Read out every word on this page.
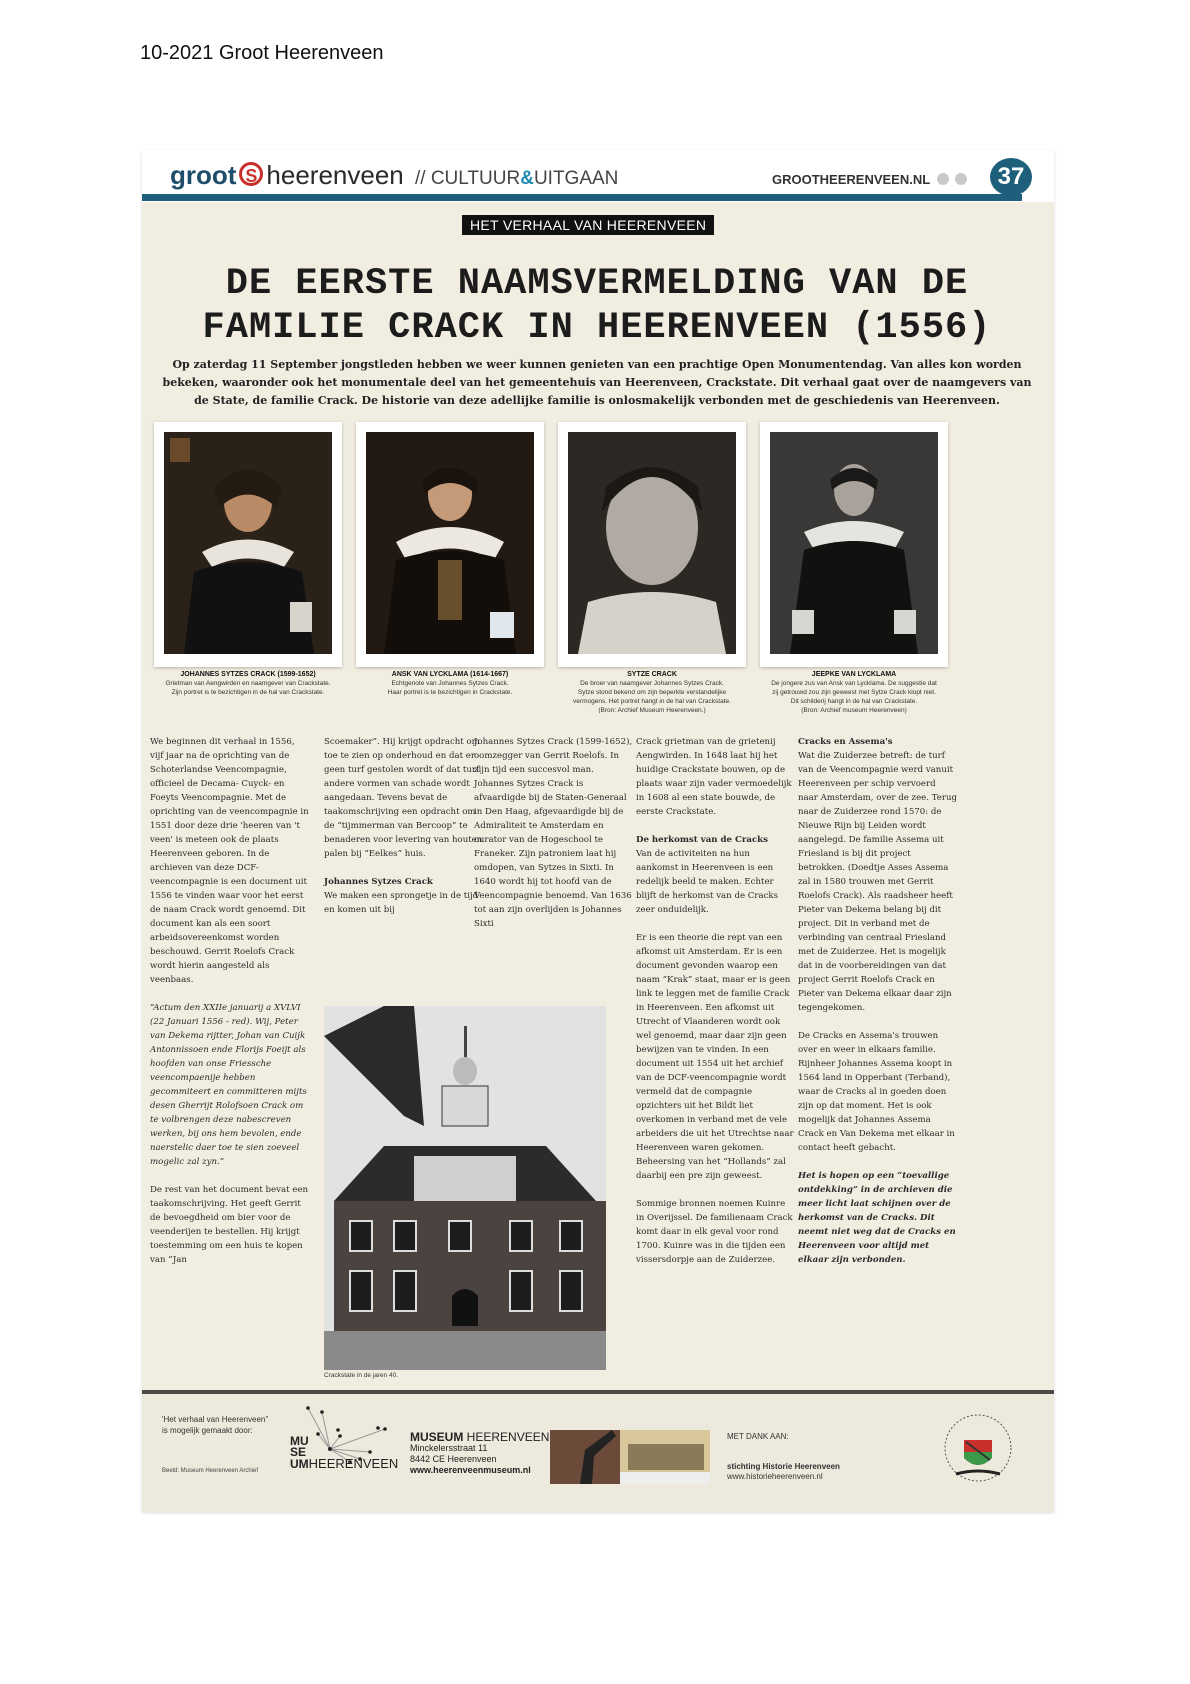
10-2021 Groot Heerenveen
groot S heerenveen // CULTUUR&UITGAAN	GROOTHEERENVEEN.NL	37
HET VERHAAL VAN HEERENVEEN
DE EERSTE NAAMSVERMELDING VAN DE
FAMILIE CRACK IN HEERENVEEN (1556)
Op zaterdag 11 September jongstleden hebben we weer kunnen genieten van een prachtige Open Monumentendag. Van alles kon worden bekeken, waaronder ook het monumentale deel van het gemeentehuis van Heerenveen, Crackstate. Dit verhaal gaat over de naamgevers van de State, de familie Crack. De historie van deze adellijke familie is onlosmakelijk verbonden met de geschiedenis van Heerenveen.
JOHANNES SYTZES CRACK (1599-1652)
Grietman van Aengwirden en naamgever van Crackstate.
Zijn portret is te bezichtigen in de hal van Crackstate.
ANSK VAN LYCKLAMA (1614-1667)
Echtgenote van Johannes Sytzes Crack.
Haar portret is te bezichtigen in Crackstate.
SYTZE CRACK
De broer van naamgever Johannes Sytzes Crack.
Sytze stond bekend om zijn beperkte verstandelijke
vermogens. Het portret hangt in de hal van Crackstate.
(Bron: Archief Museum Heerenveen.)
JEEPKE VAN LYCKLAMA
De jongere zus van Ansk van Lycklama. De suggestie dat
zij getrouwd zou zijn geweest met Sytze Crack klopt niet.
Dit schilderij hangt in de hal van Crackstate.
(Bron: Archief museum Heerenveen)

We beginnen dit verhaal in 1556, vijf jaar na de oprichting van de Schoterlandse Veencompagnie, officieel de Decama- Cuyck- en Foeyts Veencompagnie. Met de oprichting van de veencompagnie in 1551 door deze drie 'heeren van 't veen' is meteen ook de plaats Heerenveen geboren. In de archieven van deze DCF-veencompagnie is een document uit 1556 te vinden waar voor het eerst de naam Crack wordt genoemd. Dit document kan als een soort arbeidsovereenkomst worden beschouwd. Gerrit Roelofs Crack wordt hierin aangesteld als veenbaas.

“Actum den XXIIe januarij a XVLVI (22 Januari 1556 - red). Wij, Peter van Dekema rijtter, Johan van Cuijk Antonnissoen ende Florijs Foeijt als hoofden van onse Friessche veencompaenije hebben gecommiteert en committeren mijts desen Gherrijt Rolofsoen Crack om te volbrengen deze nabescreven werken, bij ons hem bevolen, ende naerstelic daer toe te sien zoeveel mogelic zal zyn.”

De rest van het document bevat een taakomschrijving. Het geeft Gerrit de bevoegdheid om bier voor de veenderijen te bestellen. Hij krijgt toestemming om een huis te kopen van “Jan

Scoemaker”. Hij krijgt opdracht om toe te zien op onderhoud en dat er geen turf gestolen wordt of dat turf andere vormen van schade wordt aangedaan. Tevens bevat de taakomschrijving een opdracht om de “tijmmerman van Bercoop” te benaderen voor levering van houten palen bij “Eelkes” huis.

Johannes Sytzes Crack

We maken een sprongetje in de tijd en komen uit bij

Johannes Sytzes Crack (1599-1652), oomzegger van Gerrit Roelofs. In zijn tijd een succesvol man. Johannes Sytzes Crack is afvaardigde bij de Staten-Generaal in Den Haag, afgevaardigde bij de Admiraliteit te Amsterdam en curator van de Hogeschool te Franeker. Zijn patroniem laat hij omdopen, van Sytzes in Sixti. In 1640 wordt hij tot hoofd van de Veencompagnie benoemd. Van 1636 tot aan zijn overlijden is Johannes Sixti

Crack grietman van de grietenij Aengwirden. In 1648 laat hij het huidige Crackstate bouwen, op de plaats waar zijn vader vermoedelijk in 1608 al een state bouwde, de eerste Crackstate.

De herkomst van de Cracks

Van de activiteiten na hun aankomst in Heerenveen is een redelijk beeld te maken. Echter blijft de herkomst van de Cracks zeer onduidelijk.

Er is een theorie die rept van een afkomst uit Amsterdam. Er is een document gevonden waarop een naam “Krak” staat, maar er is geen link te leggen met de familie Crack in Heerenveen. Een afkomst uit Utrecht of Vlaanderen wordt ook wel genoemd, maar daar zijn geen bewijzen van te vinden. In een document uit 1554 uit het archief van de DCF-veencompagnie wordt vermeld dat de compagnie opzichters uit het Bildt liet overkomen in verband met de vele arbeiders die uit het Utrechtse naar Heerenveen waren gekomen. Beheersing van het “Hollands” zal daarbij een pre zijn geweest.

Sommige bronnen noemen Kuinre in Overijssel. De familienaam Crack komt daar in elk geval voor rond 1700. Kuinre was in die tijden een vissersdorpje aan de Zuiderzee.

Cracks en Assema's

Wat die Zuiderzee betreft: de turf van de Veencompagnie werd vanuit Heerenveen per schip vervoerd naar Amsterdam, over de zee. Terug naar de Zuiderzee rond 1570: de Nieuwe Rijn bij Leiden wordt aangelegd. De familie Assema uit Friesland is bij dit project betrokken. (Doedtje Asses Assema zal in 1580 trouwen met Gerrit Roelofs Crack). Als raadsheer heeft Pieter van Dekema belang bij dit project. Dit in verband met de verbinding van centraal Friesland met de Zuiderzee. Het is mogelijk dat in de voorbereidingen van dat project Gerrit Roelofs Crack en Pieter van Dekema elkaar daar zijn tegengekomen.

De Cracks en Assema's trouwen over en weer in elkaars familie. Rijnheer Johannes Assema koopt in 1564 land in Opperbant (Terband), waar de Cracks al in goeden doen zijn op dat moment. Het is ook mogelijk dat Johannes Assema Crack en Van Dekema met elkaar in contact heeft gebacht.

Het is hopen op een “toevallige ontdekking” in de archieven die meer licht laat schijnen over de herkomst van de Cracks. Dit neemt niet weg dat de Cracks en Heerenveen voor altijd met elkaar zijn verbonden.

Crackstate in de jaren 40.
'Het verhaal van Heerenveen” is mogelijk gemaakt door:
Beeld: Museum Heerenveen Archief
MU
SE
UMHEERENVEEN
MUSEUM HEERENVEEN
Minckelersstraat 11
8442 CE Heerenveen
www.heerenveenmuseum.nl
MET DANK AAN:
stichting Historie Heerenveen
www.historieheerenveen.nl
